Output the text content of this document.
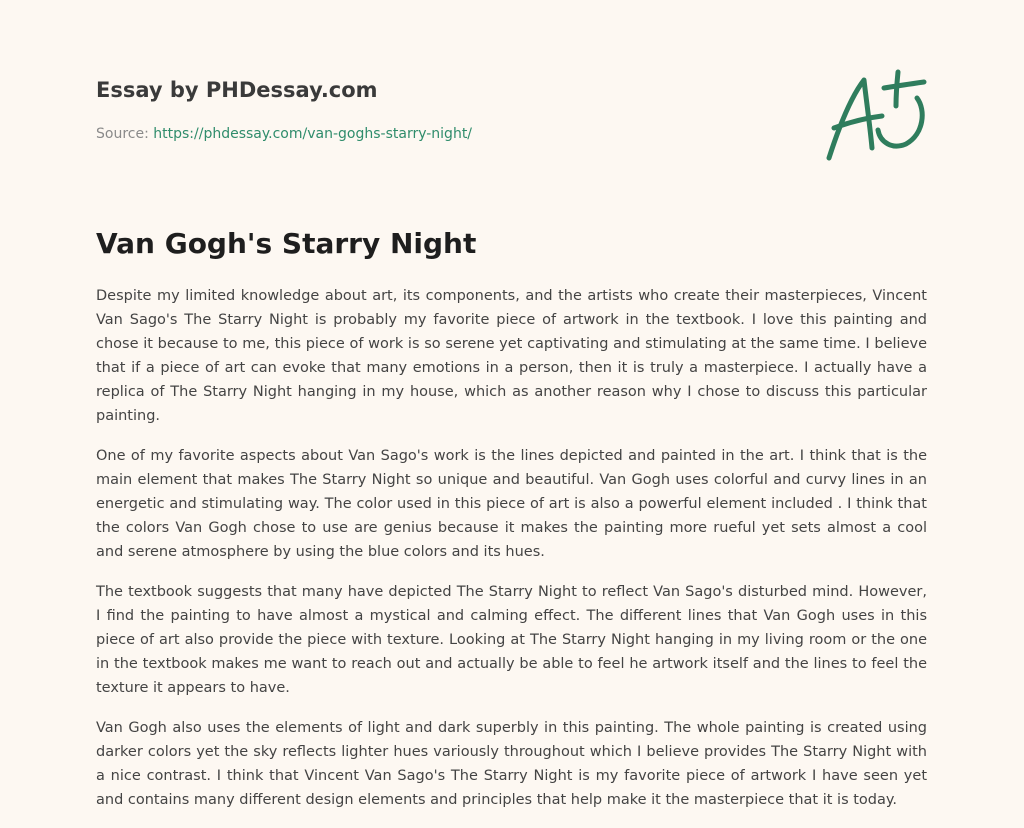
Essay by PHDessay.com
Source: https://phdessay.com/van-goghs-starry-night/
Van Gogh's Starry Night

Despite my limited knowledge about art, its components, and the artists who create their masterpieces, Vincent Van Sago's The Starry Night is probably my favorite piece of artwork in the textbook. I love this painting and chose it because to me, this piece of work is so serene yet captivating and stimulating at the same time. I believe that if a piece of art can evoke that many emotions in a person, then it is truly a masterpiece. I actually have a replica of The Starry Night hanging in my house, which as another reason why I chose to discuss this particular painting.

One of my favorite aspects about Van Sago's work is the lines depicted and painted in the art. I think that is the main element that makes The Starry Night so unique and beautiful. Van Gogh uses colorful and curvy lines in an energetic and stimulating way. The color used in this piece of art is also a powerful element included . I think that the colors Van Gogh chose to use are genius because it makes the painting more rueful yet sets almost a cool and serene atmosphere by using the blue colors and its hues.

The textbook suggests that many have depicted The Starry Night to reflect Van Sago's disturbed mind. However, I find the painting to have almost a mystical and calming effect. The different lines that Van Gogh uses in this piece of art also provide the piece with texture. Looking at The Starry Night hanging in my living room or the one in the textbook makes me want to reach out and actually be able to feel he artwork itself and the lines to feel the texture it appears to have.

Van Gogh also uses the elements of light and dark superbly in this painting. The whole painting is created using darker colors yet the sky reflects lighter hues variously throughout which I believe provides The Starry Night with a nice contrast. I think that Vincent Van Sago's The Starry Night is my favorite piece of artwork I have seen yet and contains many different design elements and principles that help make it the masterpiece that it is today.
